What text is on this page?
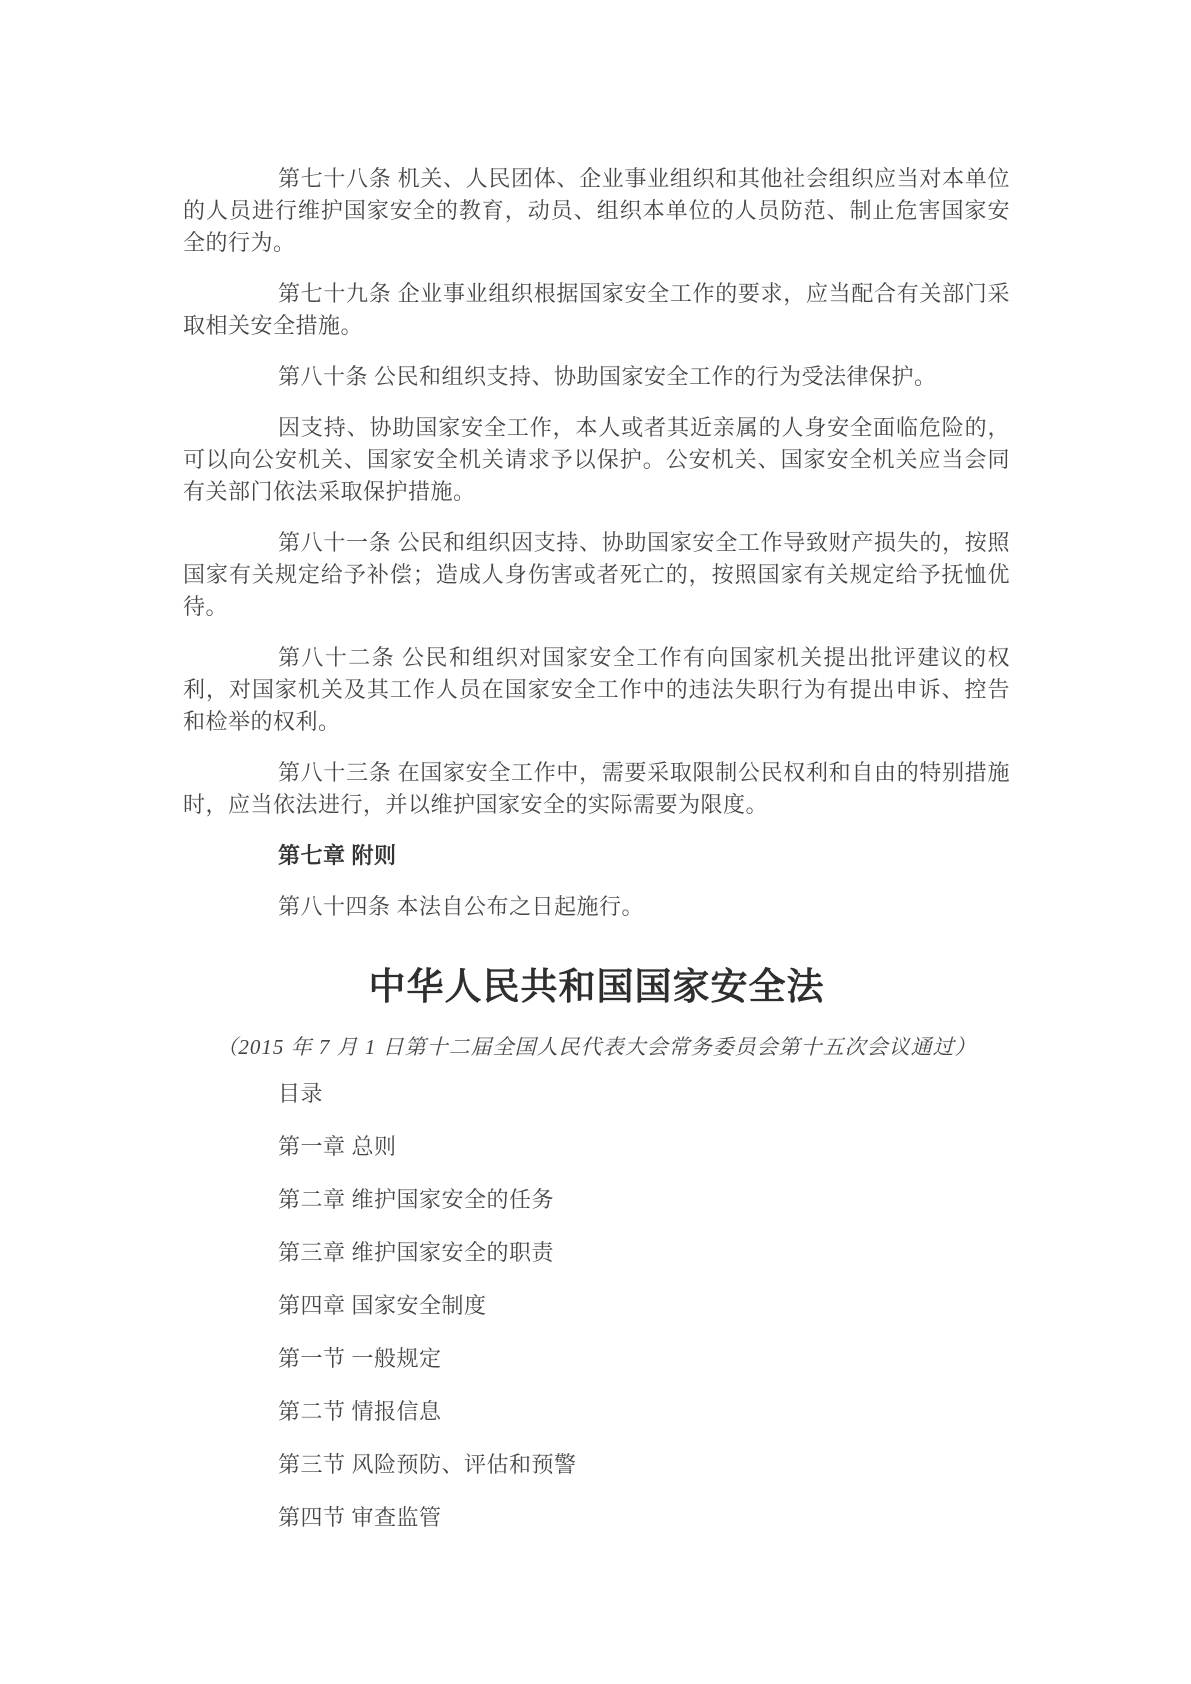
第七十八条 机关、人民团体、企业事业组织和其他社会组织应当对本单位的人员进行维护国家安全的教育，动员、组织本单位的人员防范、制止危害国家安全的行为。

第七十九条 企业事业组织根据国家安全工作的要求，应当配合有关部门采取相关安全措施。

第八十条 公民和组织支持、协助国家安全工作的行为受法律保护。

因支持、协助国家安全工作，本人或者其近亲属的人身安全面临危险的，可以向公安机关、国家安全机关请求予以保护。公安机关、国家安全机关应当会同有关部门依法采取保护措施。

第八十一条 公民和组织因支持、协助国家安全工作导致财产损失的，按照国家有关规定给予补偿；造成人身伤害或者死亡的，按照国家有关规定给予抚恤优待。

第八十二条 公民和组织对国家安全工作有向国家机关提出批评建议的权利，对国家机关及其工作人员在国家安全工作中的违法失职行为有提出申诉、控告和检举的权利。

第八十三条 在国家安全工作中，需要采取限制公民权利和自由的特别措施时，应当依法进行，并以维护国家安全的实际需要为限度。

第七章 附则

第八十四条 本法自公布之日起施行。

中华人民共和国国家安全法

（2015 年 7 月 1 日第十二届全国人民代表大会常务委员会第十五次会议通过）

目录

第一章 总则

第二章 维护国家安全的任务

第三章 维护国家安全的职责

第四章 国家安全制度

第一节 一般规定

第二节 情报信息

第三节 风险预防、评估和预警

第四节 审查监管
